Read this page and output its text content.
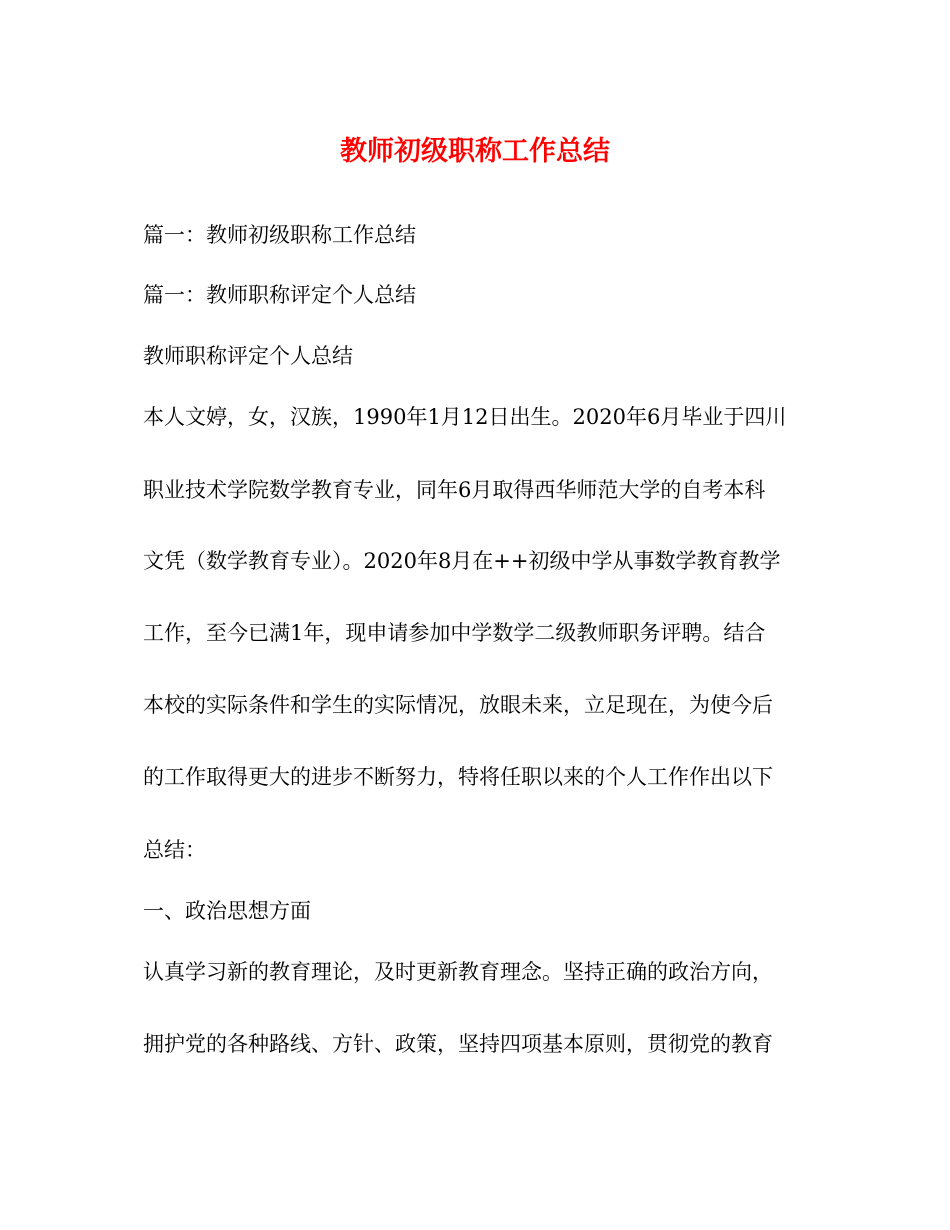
教师初级职称工作总结

篇一：教师初级职称工作总结

篇一：教师职称评定个人总结

教师职称评定个人总结

本人文婷，女，汉族，1990年1月12日出生。2020年6月毕业于四川

职业技术学院数学教育专业，同年6月取得西华师范大学的自考本科

文凭（数学教育专业）。2020年8月在++初级中学从事数学教育教学

工作，至今已满1年，现申请参加中学数学二级教师职务评聘。结合

本校的实际条件和学生的实际情况，放眼未来，立足现在，为使今后

的工作取得更大的进步不断努力，特将任职以来的个人工作作出以下

总结：

一、政治思想方面

认真学习新的教育理论，及时更新教育理念。坚持正确的政治方向，

拥护党的各种路线、方针、政策，坚持四项基本原则，贯彻党的教育
